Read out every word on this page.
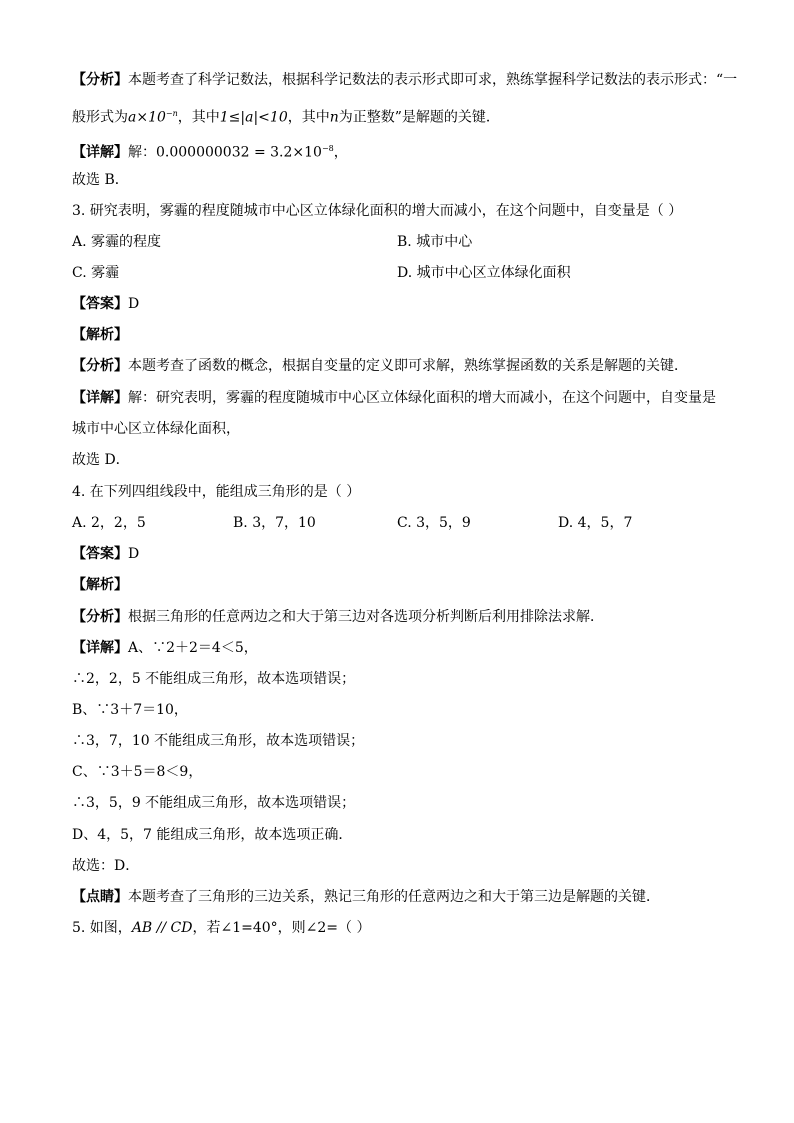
【分析】本题考查了科学记数法，根据科学记数法的表示形式即可求，熟练掌握科学记数法的表示形式：“一
般形式为$a\times 10^{-n}$，其中1≤|a|<10，其中n为正整数”是解题的关键．
【详解】解：$0.000000032 = 3.2\times 10^{-8}$，
故选 B．
3. 研究表明，雾霾的程度随城市中心区立体绿化面积的增大而减小，在这个问题中，自变量是（ ）
A. 雾霾的程度	B. 城市中心
C. 雾霾	D. 城市中心区立体绿化面积
【答案】D
【解析】
【分析】本题考查了函数的概念，根据自变量的定义即可求解，熟练掌握函数的关系是解题的关键．
【详解】解：研究表明，雾霾的程度随城市中心区立体绿化面积的增大而减小，在这个问题中，自变量是
城市中心区立体绿化面积，
故选 D．
4. 在下列四组线段中，能组成三角形的是（ ）
A. 2，2，5	B. 3，7，10	C. 3，5，9	D. 4，5，7
【答案】D
【解析】
【分析】根据三角形的任意两边之和大于第三边对各选项分析判断后利用排除法求解．
【详解】A、∵2＋2＝4＜5，
∴2，2，5 不能组成三角形，故本选项错误；
B、∵3＋7＝10，
∴3，7，10 不能组成三角形，故本选项错误；
C、∵3＋5＝8＜9，
∴3，5，9 不能组成三角形，故本选项错误；
D、4，5，7 能组成三角形，故本选项正确．
故选：D．
【点睛】本题考查了三角形的三边关系，熟记三角形的任意两边之和大于第三边是解题的关键．
5. 如图，AB // CD，若∠1=40°，则∠2=（ ）
